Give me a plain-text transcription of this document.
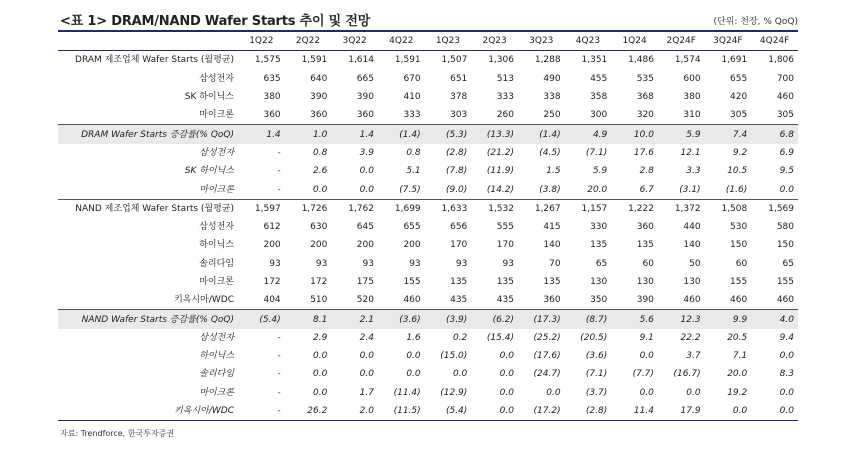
<표 1> DRAM/NAND Wafer Starts 추이 및 전망	(단위: 천장, % QoQ)
	1Q22	2Q22	3Q22	4Q22	1Q23	2Q23	3Q23	4Q23	1Q24	2Q24F	3Q24F	4Q24F
DRAM 제조업체 Wafer Starts (월평균)	1,575	1,591	1,614	1,591	1,507	1,306	1,288	1,351	1,486	1,574	1,691	1,806
삼성전자	635	640	665	670	651	513	490	455	535	600	655	700
SK 하이닉스	380	390	390	410	378	333	338	358	368	380	420	460
마이크론	360	360	360	333	303	260	250	300	320	310	305	305
DRAM Wafer Starts 증감률(% QoQ)	1.4	1.0	1.4	(1.4)	(5.3)	(13.3)	(1.4)	4.9	10.0	5.9	7.4	6.8
삼성전자	-	0.8	3.9	0.8	(2.8)	(21.2)	(4.5)	(7.1)	17.6	12.1	9.2	6.9
SK 하이닉스	-	2.6	0.0	5.1	(7.8)	(11.9)	1.5	5.9	2.8	3.3	10.5	9.5
마이크론	-	0.0	0.0	(7.5)	(9.0)	(14.2)	(3.8)	20.0	6.7	(3.1)	(1.6)	0.0
NAND 제조업체 Wafer Starts (월평균)	1,597	1,726	1,762	1,699	1,633	1,532	1,267	1,157	1,222	1,372	1,508	1,569
삼성전자	612	630	645	655	656	555	415	330	360	440	530	580
하이닉스	200	200	200	200	170	170	140	135	135	140	150	150
솔리다임	93	93	93	93	93	93	70	65	60	50	60	65
마이크론	172	172	175	155	135	135	135	130	130	130	155	155
키옥시아/WDC	404	510	520	460	435	435	360	350	390	460	460	460
NAND Wafer Starts 증감률(% QoQ)	(5.4)	8.1	2.1	(3.6)	(3.9)	(6.2)	(17.3)	(8.7)	5.6	12.3	9.9	4.0
삼성전자	-	2.9	2.4	1.6	0.2	(15.4)	(25.2)	(20.5)	9.1	22.2	20.5	9.4
하이닉스	-	0.0	0.0	0.0	(15.0)	0.0	(17.6)	(3.6)	0.0	3.7	7.1	0.0
솔리다임	-	0.0	0.0	0.0	0.0	0.0	(24.7)	(7.1)	(7.7)	(16.7)	20.0	8.3
마이크론	-	0.0	1.7	(11.4)	(12.9)	0.0	0.0	(3.7)	0.0	0.0	19.2	0.0
키옥시아/WDC	-	26.2	2.0	(11.5)	(5.4)	0.0	(17.2)	(2.8)	11.4	17.9	0.0	0.0
자료: Trendforce, 한국투자증권
